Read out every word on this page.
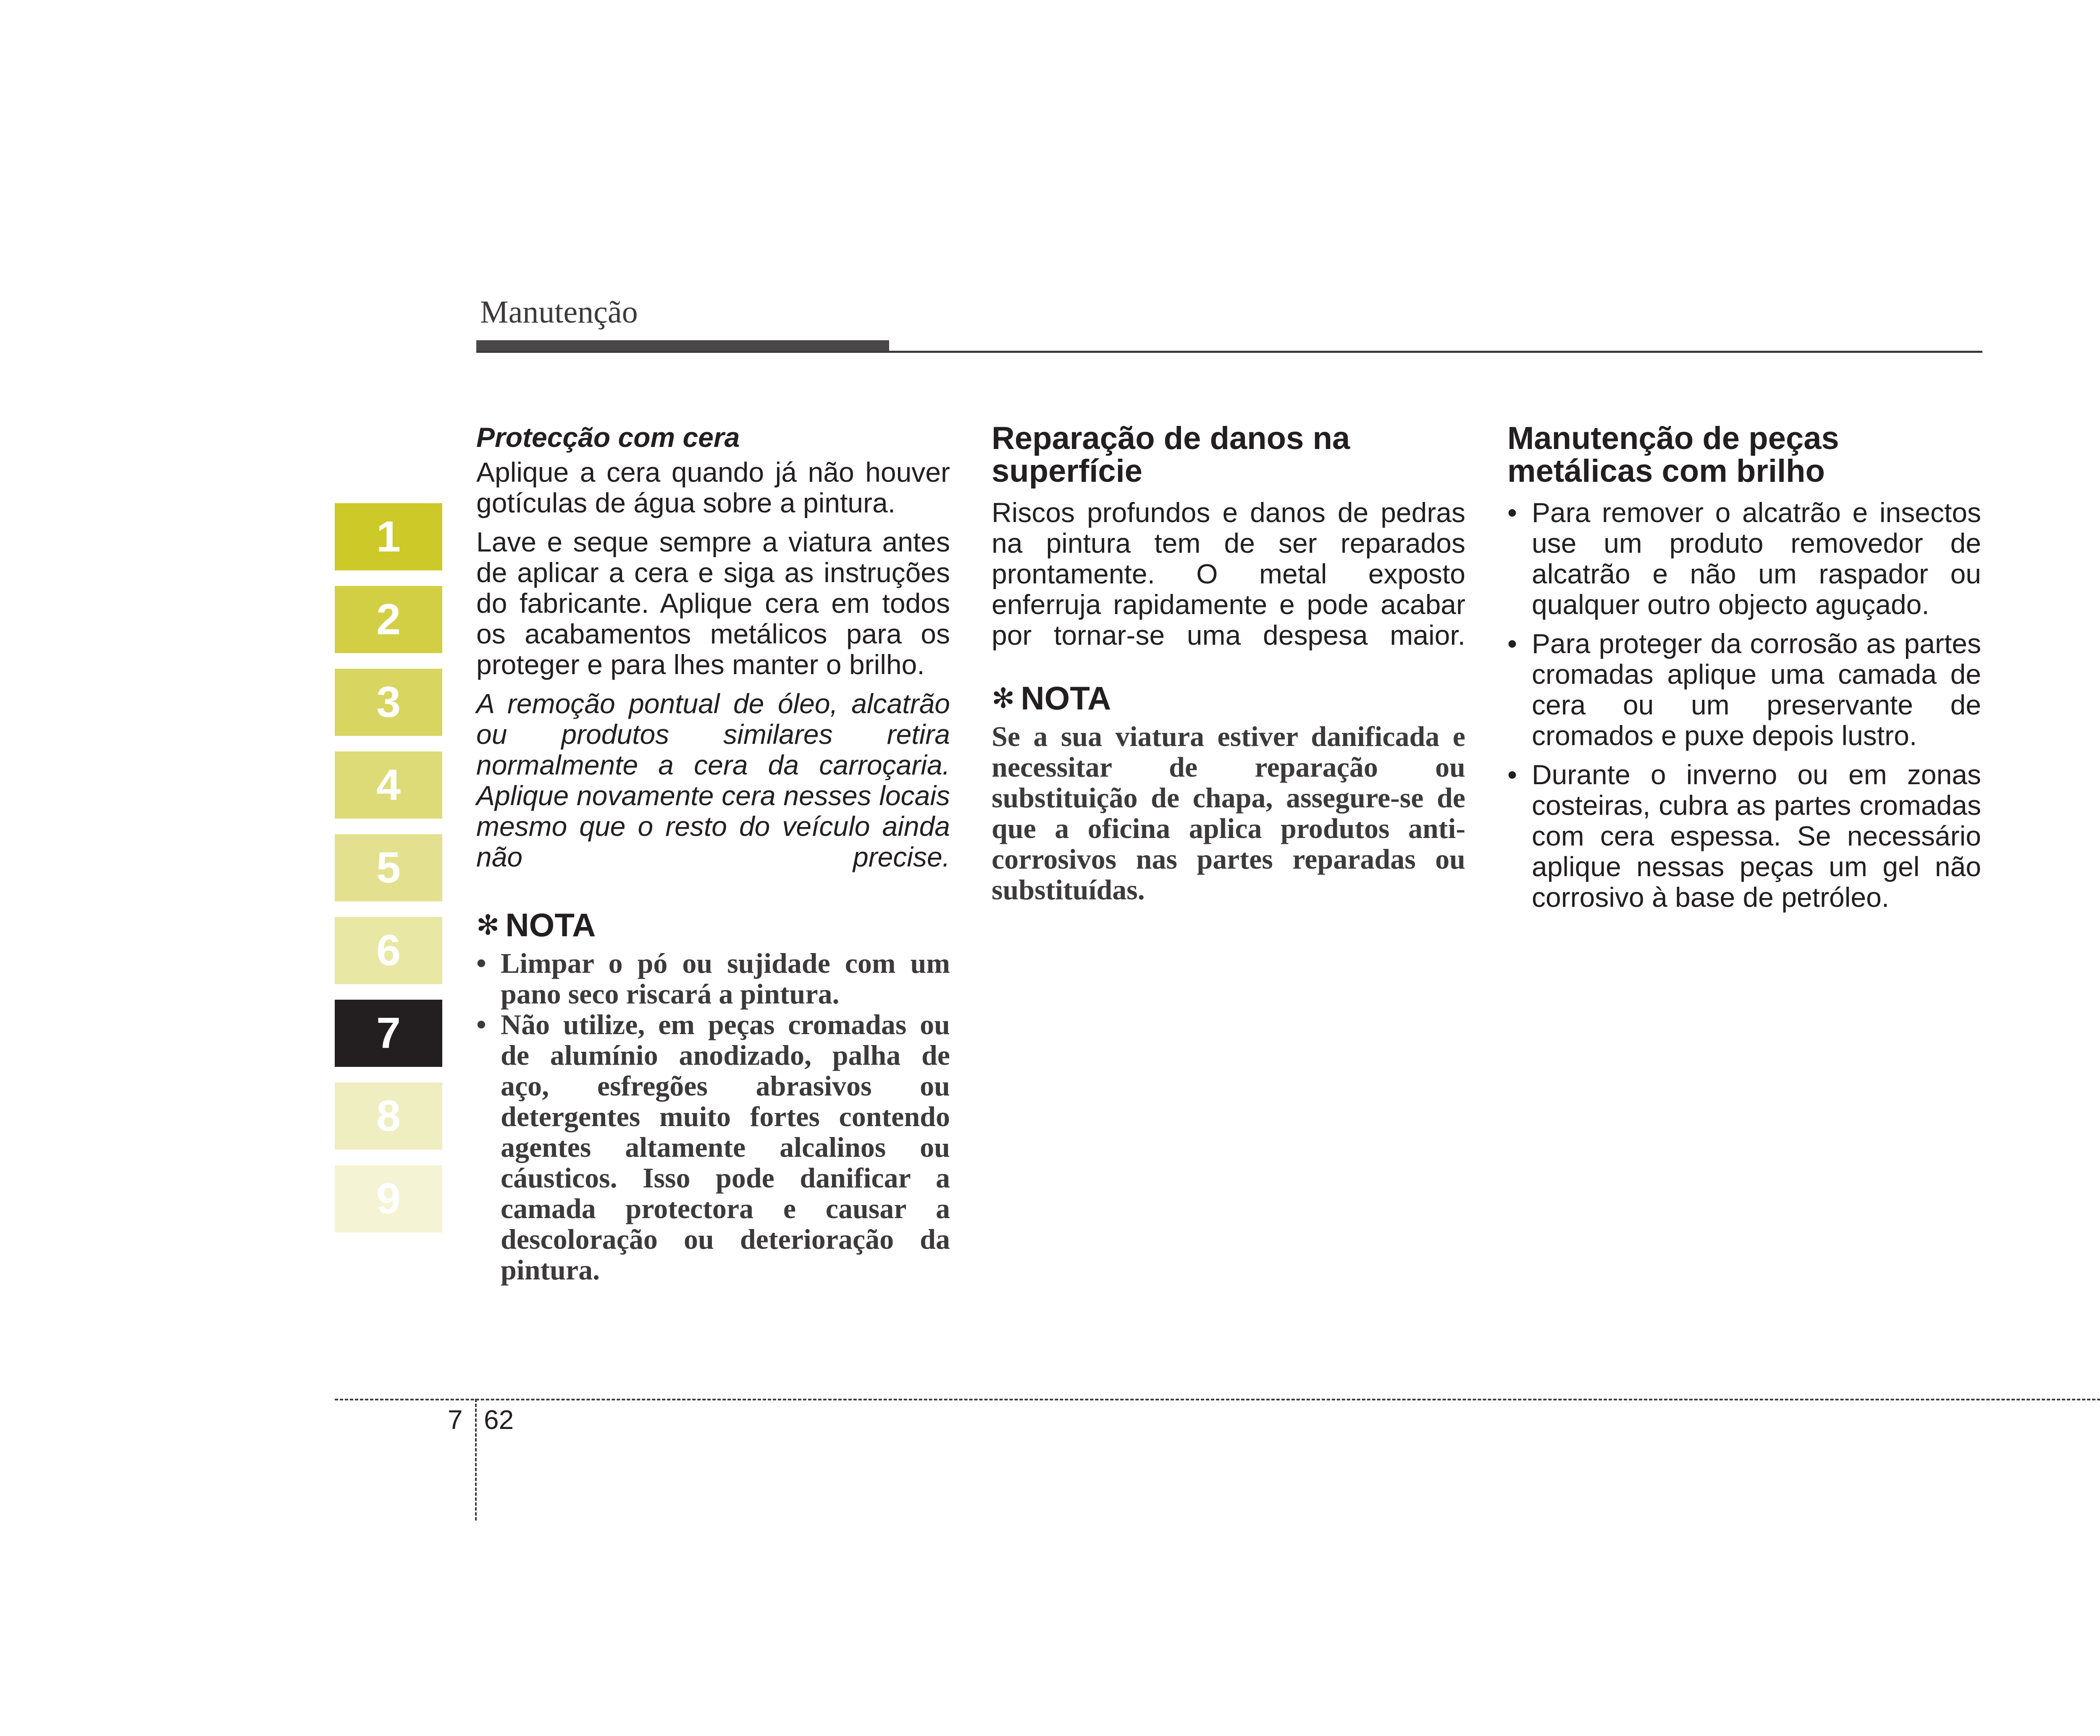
Manutenção
1
2
3
4
5
6
7
8
9
Protecção com cera
Aplique a cera quando já não houver gotículas de água sobre a pintura.
Lave e seque sempre a viatura antes de aplicar a cera e siga as instruções do fabricante. Aplique cera em todos os acabamentos metálicos para os proteger e para lhes manter o brilho.
A remoção pontual de óleo, alcatrão ou produtos similares retira normalmente a cera da carroçaria. Aplique novamente cera nesses locais mesmo que o resto do veículo ainda não precise.
✻ NOTA
• Limpar o pó ou sujidade com um pano seco riscará a pintura.
• Não utilize, em peças cromadas ou de alumínio anodizado, palha de aço, esfregões abrasivos ou detergentes muito fortes contendo agentes altamente alcalinos ou cáusticos. Isso pode danificar a camada protectora e causar a descoloração ou deterioração da pintura.
Reparação de danos na superfície
Riscos profundos e danos de pedras na pintura tem de ser reparados prontamente. O metal exposto enferruja rapidamente e pode acabar por tornar-se uma despesa maior.
✻ NOTA
Se a sua viatura estiver danificada e necessitar de reparação ou substituição de chapa, assegure-se de que a oficina aplica produtos anti-corrosivos nas partes reparadas ou substituídas.
Manutenção de peças metálicas com brilho
• Para remover o alcatrão e insectos use um produto removedor de alcatrão e não um raspador ou qualquer outro objecto aguçado.
• Para proteger da corrosão as partes cromadas aplique uma camada de cera ou um preservante de cromados e puxe depois lustro.
• Durante o inverno ou em zonas costeiras, cubra as partes cromadas com cera espessa. Se necessário aplique nessas peças um gel não corrosivo à base de petróleo.
7 62
